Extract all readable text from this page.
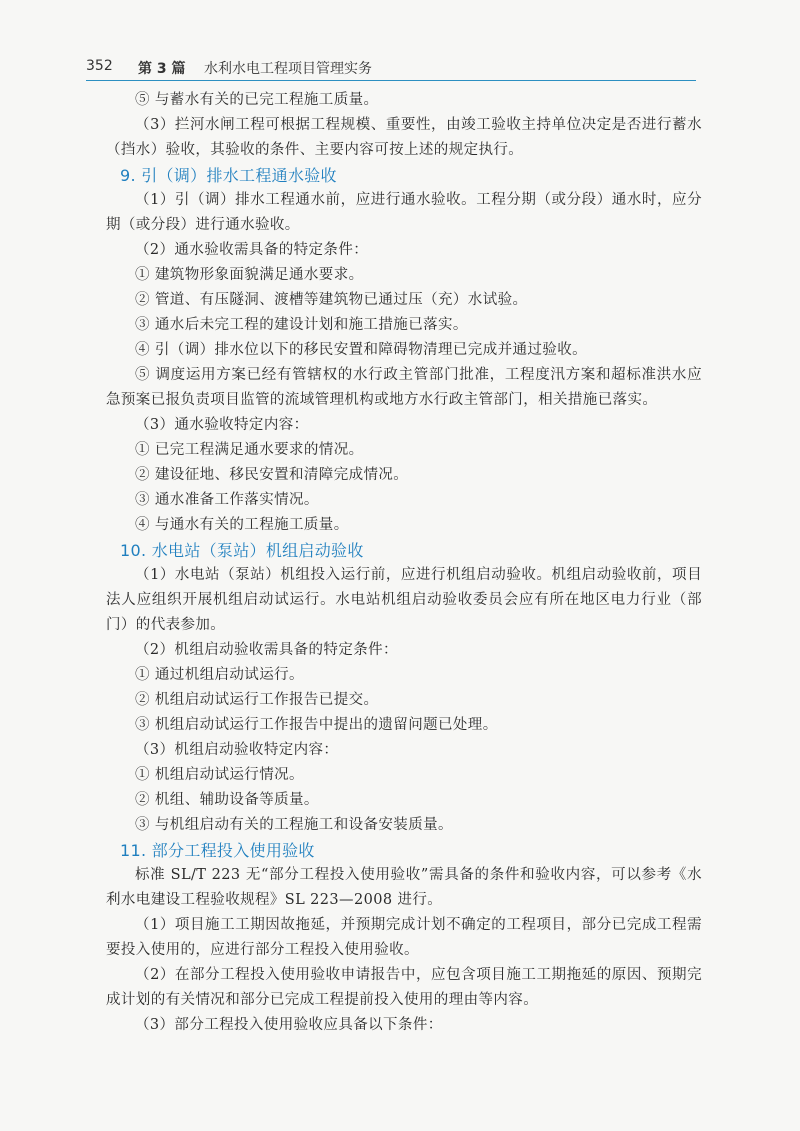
352 第 3 篇 水利水电工程项目管理实务

⑤ 与蓄水有关的已完工程施工质量。

（3）拦河水闸工程可根据工程规模、重要性，由竣工验收主持单位决定是否进行蓄水（挡水）验收，其验收的条件、主要内容可按上述的规定执行。

9. 引（调）排水工程通水验收

（1）引（调）排水工程通水前，应进行通水验收。工程分期（或分段）通水时，应分期（或分段）进行通水验收。

（2）通水验收需具备的特定条件：

① 建筑物形象面貌满足通水要求。

② 管道、有压隧洞、渡槽等建筑物已通过压（充）水试验。

③ 通水后未完工程的建设计划和施工措施已落实。

④ 引（调）排水位以下的移民安置和障碍物清理已完成并通过验收。

⑤ 调度运用方案已经有管辖权的水行政主管部门批准，工程度汛方案和超标准洪水应急预案已报负责项目监管的流域管理机构或地方水行政主管部门，相关措施已落实。

（3）通水验收特定内容：

① 已完工程满足通水要求的情况。

② 建设征地、移民安置和清障完成情况。

③ 通水准备工作落实情况。

④ 与通水有关的工程施工质量。

10. 水电站（泵站）机组启动验收

（1）水电站（泵站）机组投入运行前，应进行机组启动验收。机组启动验收前，项目法人应组织开展机组启动试运行。水电站机组启动验收委员会应有所在地区电力行业（部门）的代表参加。

（2）机组启动验收需具备的特定条件：

① 通过机组启动试运行。

② 机组启动试运行工作报告已提交。

③ 机组启动试运行工作报告中提出的遗留问题已处理。

（3）机组启动验收特定内容：

① 机组启动试运行情况。

② 机组、辅助设备等质量。

③ 与机组启动有关的工程施工和设备安装质量。

11. 部分工程投入使用验收

标准 SL/T 223 无“部分工程投入使用验收”需具备的条件和验收内容，可以参考《水利水电建设工程验收规程》SL 223—2008 进行。

（1）项目施工工期因故拖延，并预期完成计划不确定的工程项目，部分已完成工程需要投入使用的，应进行部分工程投入使用验收。

（2）在部分工程投入使用验收申请报告中，应包含项目施工工期拖延的原因、预期完成计划的有关情况和部分已完成工程提前投入使用的理由等内容。

（3）部分工程投入使用验收应具备以下条件：
